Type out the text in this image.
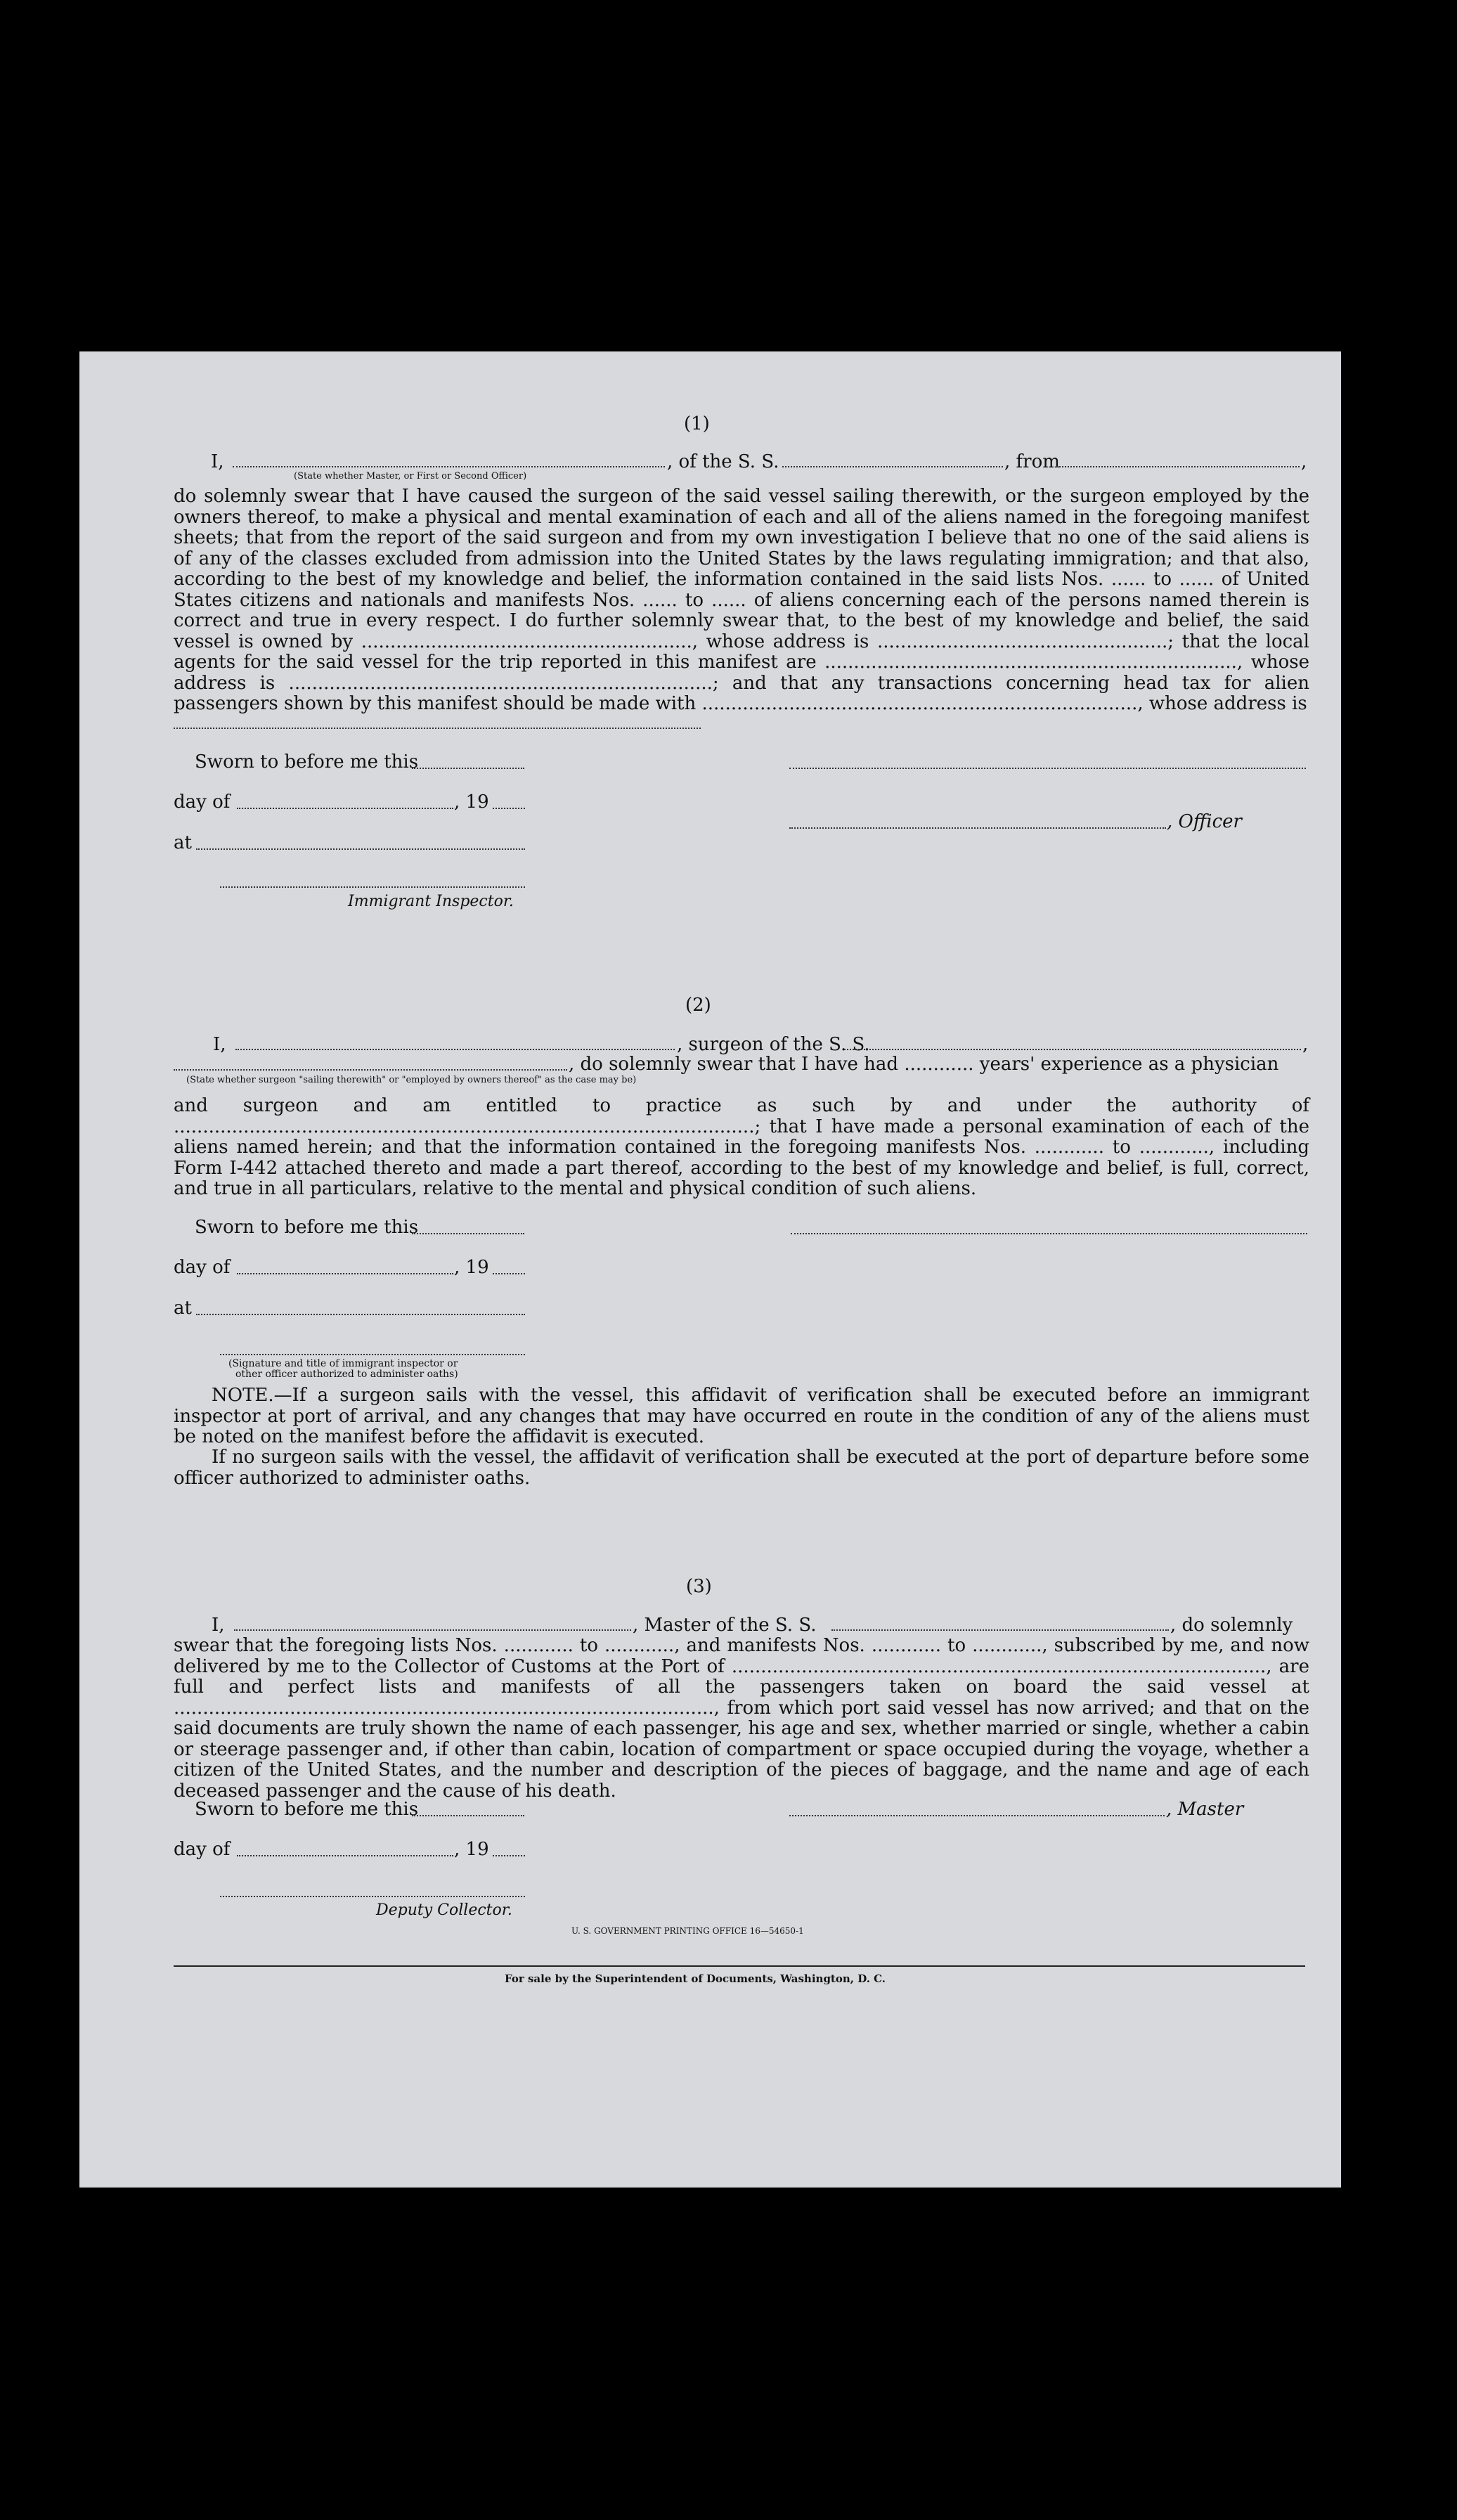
(1)
I,	, of the S. S.	, from	,
(State whether Master, or First or Second Officer)
do solemnly swear that I have caused the surgeon of the said vessel sailing therewith, or the surgeon employed by the owners thereof, to make a physical and mental examination of each and all of the aliens named in the foregoing manifest sheets; that from the report of the said surgeon and from my own investigation I believe that no one of the said aliens is of any of the classes excluded from admission into the United States by the laws regulating immigration; and that also, according to the best of my knowledge and belief, the information contained in the said lists Nos. ...... to ...... of United States citizens and nationals and manifests Nos. ...... to ...... of aliens concerning each of the persons named therein is correct and true in every respect. I do further solemnly swear that, to the best of my knowledge and belief, the said vessel is owned by ........................................................., whose address is ..................................................; that the local agents for the said vessel for the trip reported in this manifest are ......................................................................., whose address is .........................................................................; and that any transactions concerning head tax for alien passengers shown by this manifest should be made with ..........................................................................., whose address is
Sworn to before me this
day of	, 19
, Officer
at
Immigrant Inspector.
(2)
I,	, surgeon of the S. S.	,
, do solemnly swear that I have had ............ years' experience as a physician
(State whether surgeon "sailing therewith" or "employed by owners thereof" as the case may be)
and surgeon and am entitled to practice as such by and under the authority of ....................................................................................................; that I have made a personal examination of each of the aliens named herein; and that the information contained in the foregoing manifests Nos. ............ to ............, including Form I-442 attached thereto and made a part thereof, according to the best of my knowledge and belief, is full, correct, and true in all particulars, relative to the mental and physical condition of such aliens.
Sworn to before me this
day of	, 19
at
(Signature and title of immigrant inspector or
other officer authorized to administer oaths)
NOTE.—If a surgeon sails with the vessel, this affidavit of verification shall be executed before an immigrant inspector at port of arrival, and any changes that may have occurred en route in the condition of any of the aliens must be noted on the manifest before the affidavit is executed.
If no surgeon sails with the vessel, the affidavit of verification shall be executed at the port of departure before some officer authorized to administer oaths.
(3)
I,	, Master of the S. S.	, do solemnly
swear that the foregoing lists Nos. ............ to ............, and manifests Nos. ............ to ............, subscribed by me, and now delivered by me to the Collector of Customs at the Port of ............................................................................................, are full and perfect lists and manifests of all the passengers taken on board the said vessel at ............................................................................................., from which port said vessel has now arrived; and that on the said documents are truly shown the name of each passenger, his age and sex, whether married or single, whether a cabin or steerage passenger and, if other than cabin, location of compartment or space occupied during the voyage, whether a citizen of the United States, and the number and description of the pieces of baggage, and the name and age of each deceased passenger and the cause of his death.
Sworn to before me this	, Master
day of	, 19
Deputy Collector.
U. S. GOVERNMENT PRINTING OFFICE 16—54650-1
For sale by the Superintendent of Documents, Washington, D. C.
